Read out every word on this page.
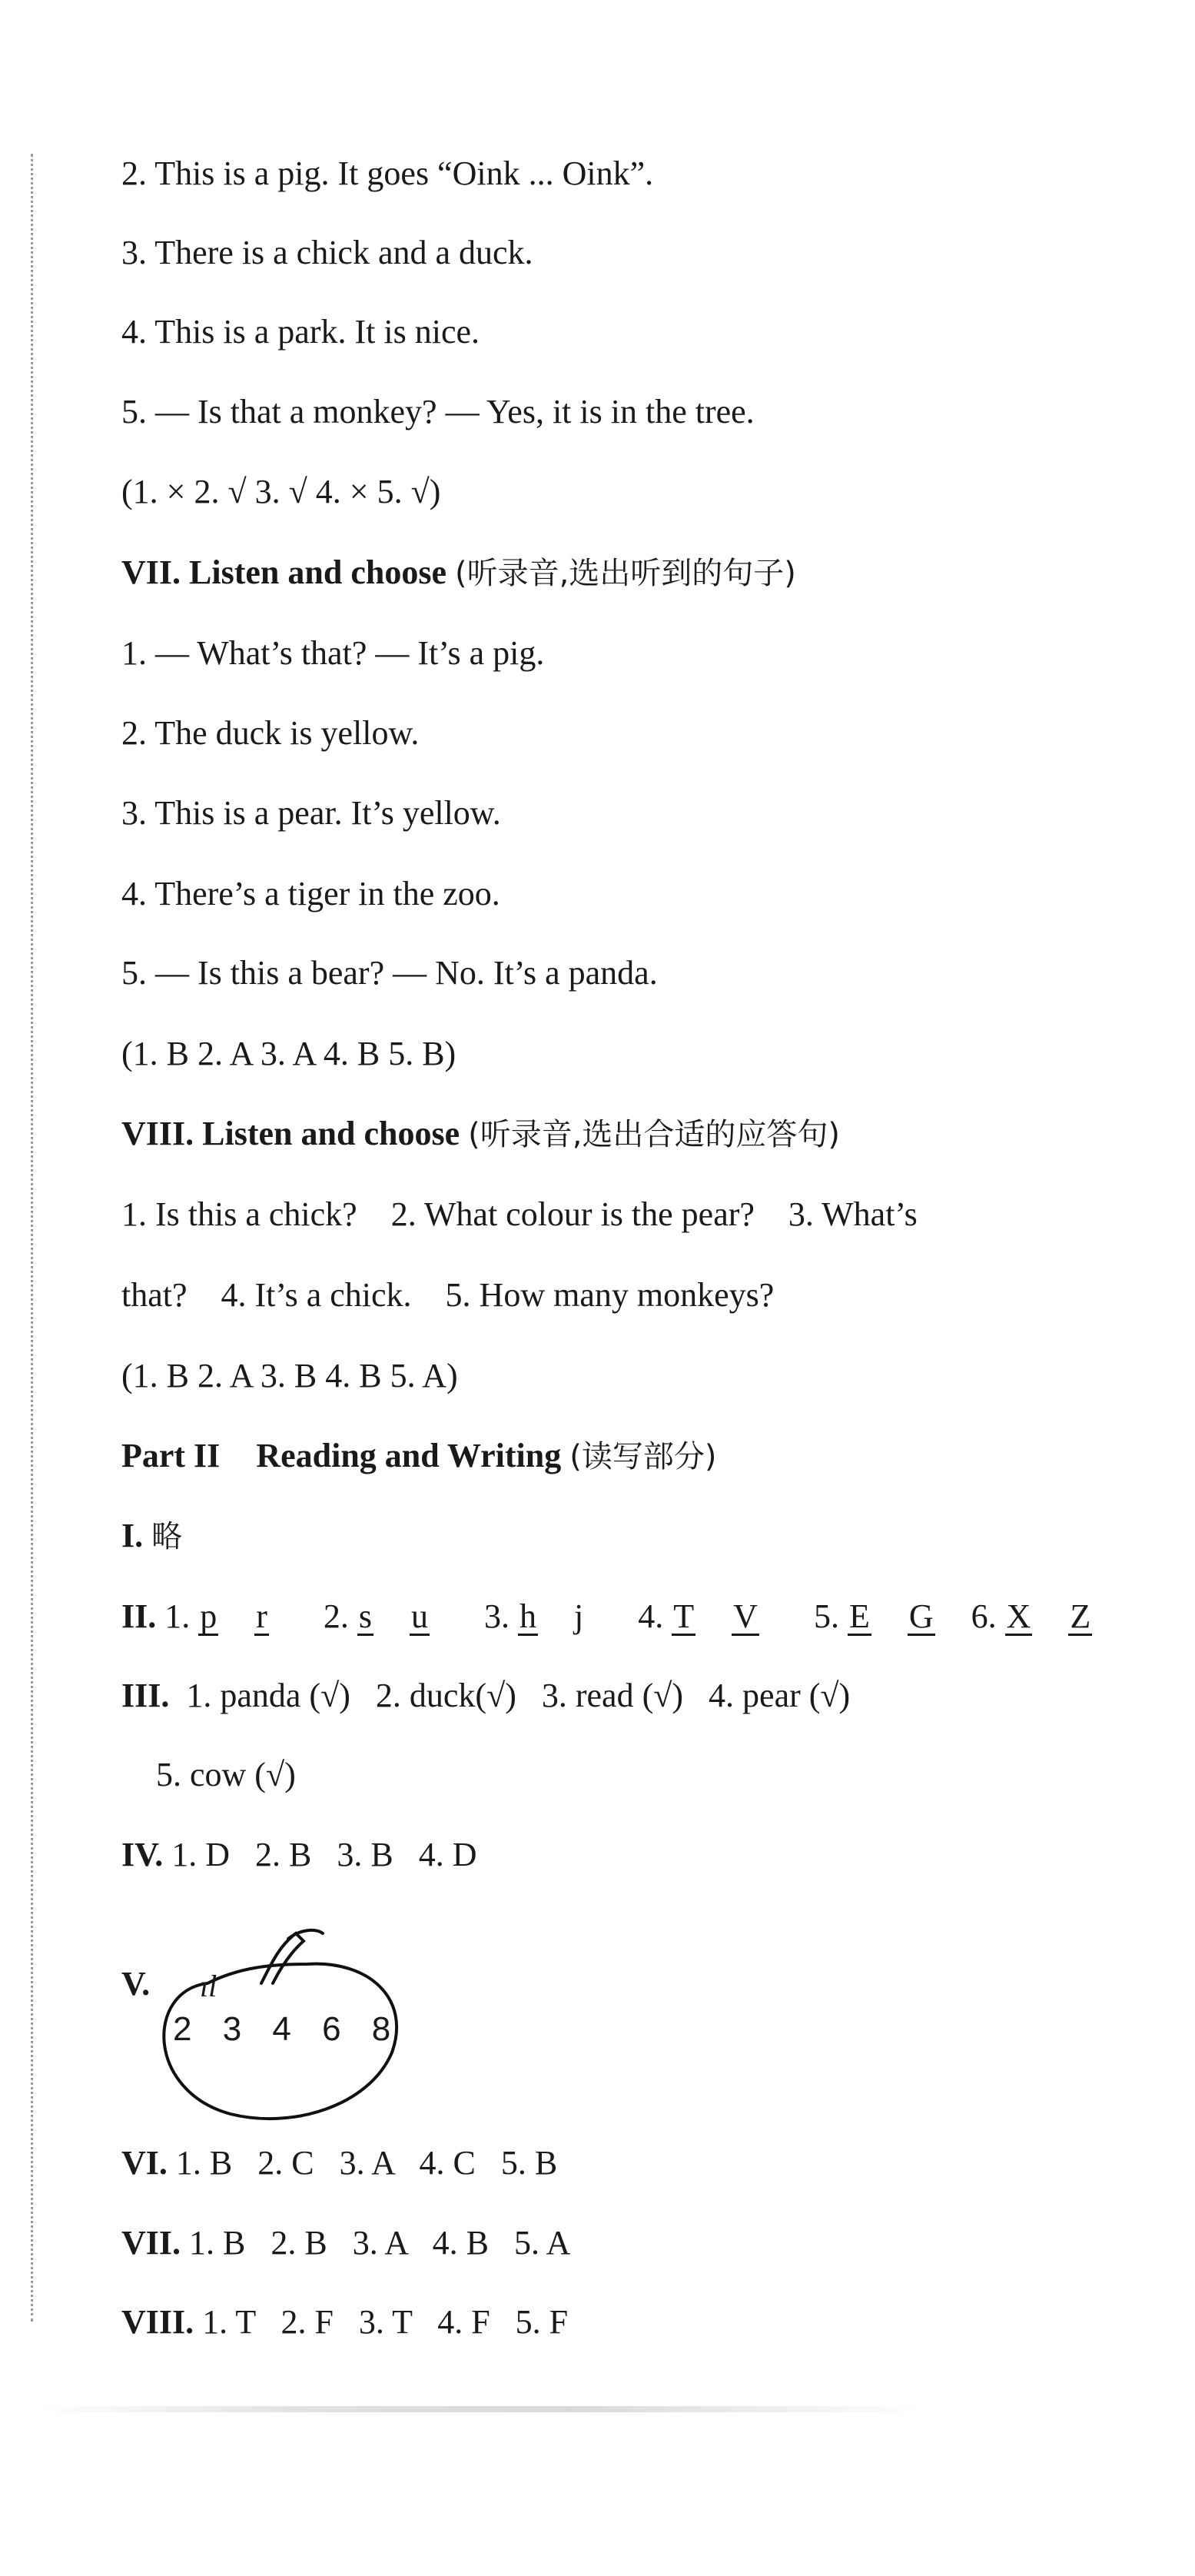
2. This is a pig. It goes “Oink ... Oink”.
3. There is a chick and a duck.
4. This is a park. It is nice.
5. — Is that a monkey? — Yes, it is in the tree.
(1. × 2. √ 3. √ 4. × 5. √)
VII. Listen and choose (听录音,选出听到的句子)
1. — What’s that? — It’s a pig.
2. The duck is yellow.
3. This is a pear. It’s yellow.
4. There’s a tiger in the zoo.
5. — Is this a bear? — No. It’s a panda.
(1. B 2. A 3. A 4. B 5. B)
VIII. Listen and choose (听录音,选出合适的应答句)
1. Is this a chick?    2. What colour is the pear?    3. What’s
that?    4. It’s a chick.    5. How many monkeys?
(1. B 2. A 3. B 4. B 5. A)
Part II Reading and Writing (读写部分)
I. 略
II. 1. p r 2. s u 3. h j 4. T V 5. E G 6. X Z
III. 1. panda (√)   2. duck(√)   3. read (√)   4. pear (√)
5. cow (√)
IV. 1. D   2. B   3. B   4. D
V. ıl
2 3 4 6 8
VI. 1. B   2. C   3. A   4. C   5. B
VII. 1. B   2. B   3. A   4. B   5. A
VIII. 1. T   2. F   3. T   4. F   5. F
